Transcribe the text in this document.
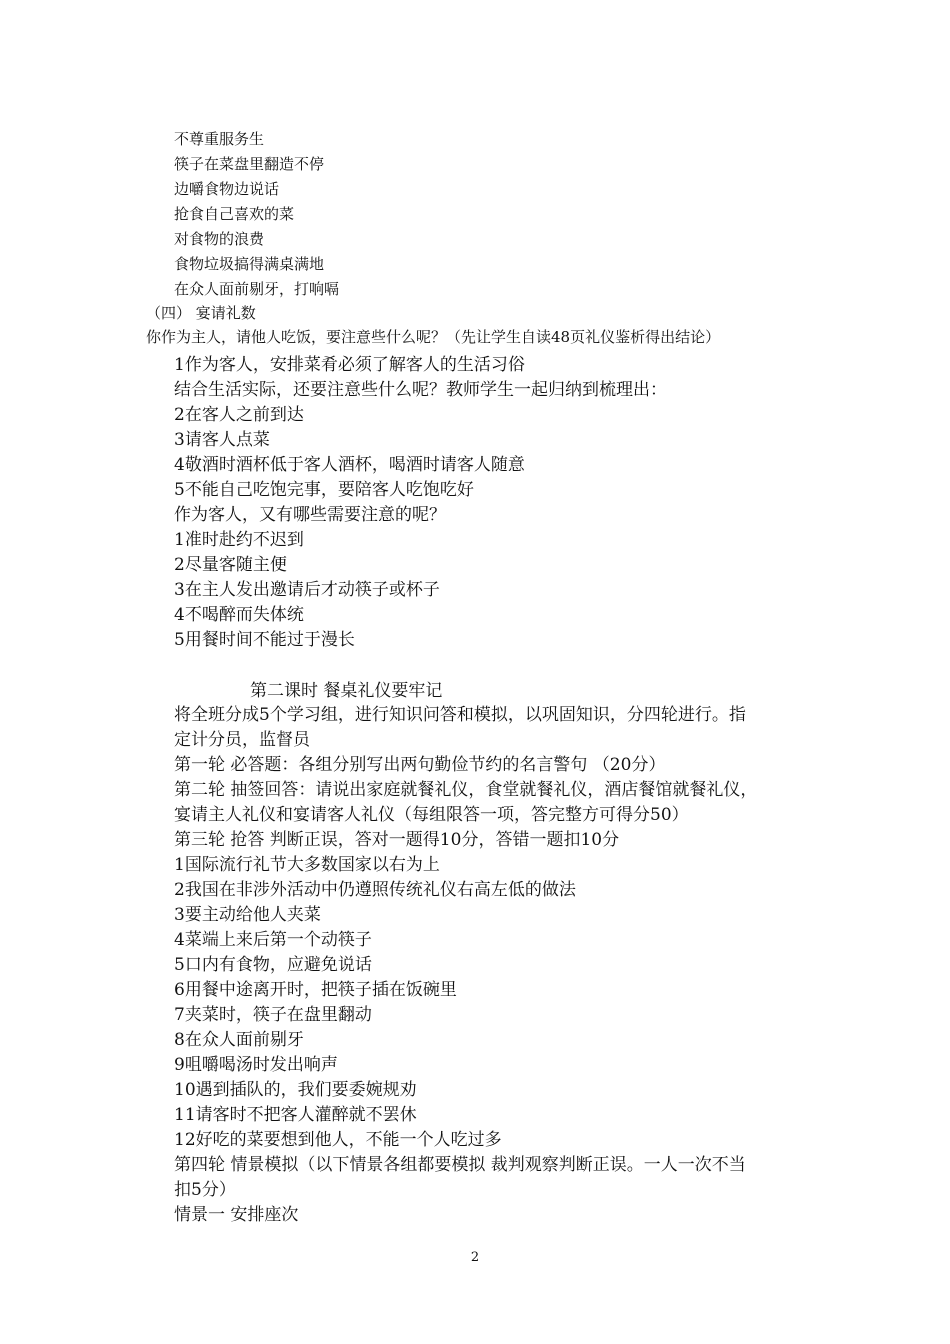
不尊重服务生
筷子在菜盘里翻造不停
边嚼食物边说话
抢食自己喜欢的菜
对食物的浪费
食物垃圾搞得满桌满地
在众人面前剔牙，打响嗝
（四） 宴请礼数
你作为主人，请他人吃饭，要注意些什么呢？（先让学生自读48页礼仪鉴析得出结论）
1作为客人，安排菜肴必须了解客人的生活习俗
结合生活实际，还要注意些什么呢？教师学生一起归纳到梳理出：
2在客人之前到达
3请客人点菜
4敬酒时酒杯低于客人酒杯，喝酒时请客人随意
5不能自己吃饱完事，要陪客人吃饱吃好
作为客人，又有哪些需要注意的呢？
1准时赴约不迟到
2尽量客随主便
3在主人发出邀请后才动筷子或杯子
4不喝醉而失体统
5用餐时间不能过于漫长
第二课时 餐桌礼仪要牢记
将全班分成5个学习组，进行知识问答和模拟，以巩固知识，分四轮进行。指
定计分员，监督员
第一轮 必答题：各组分别写出两句勤俭节约的名言警句 （20分）
第二轮 抽签回答：请说出家庭就餐礼仪，食堂就餐礼仪，酒店餐馆就餐礼仪，
宴请主人礼仪和宴请客人礼仪（每组限答一项，答完整方可得分50）
第三轮 抢答 判断正误，答对一题得10分，答错一题扣10分
1国际流行礼节大多数国家以右为上
2我国在非涉外活动中仍遵照传统礼仪右高左低的做法
3要主动给他人夹菜
4菜端上来后第一个动筷子
5口内有食物，应避免说话
6用餐中途离开时，把筷子插在饭碗里
7夹菜时，筷子在盘里翻动
8在众人面前剔牙
9咀嚼喝汤时发出响声
10遇到插队的，我们要委婉规劝
11请客时不把客人灌醉就不罢休
12好吃的菜要想到他人，不能一个人吃过多
第四轮 情景模拟（以下情景各组都要模拟 裁判观察判断正误。一人一次不当
扣5分）
情景一 安排座次
2
